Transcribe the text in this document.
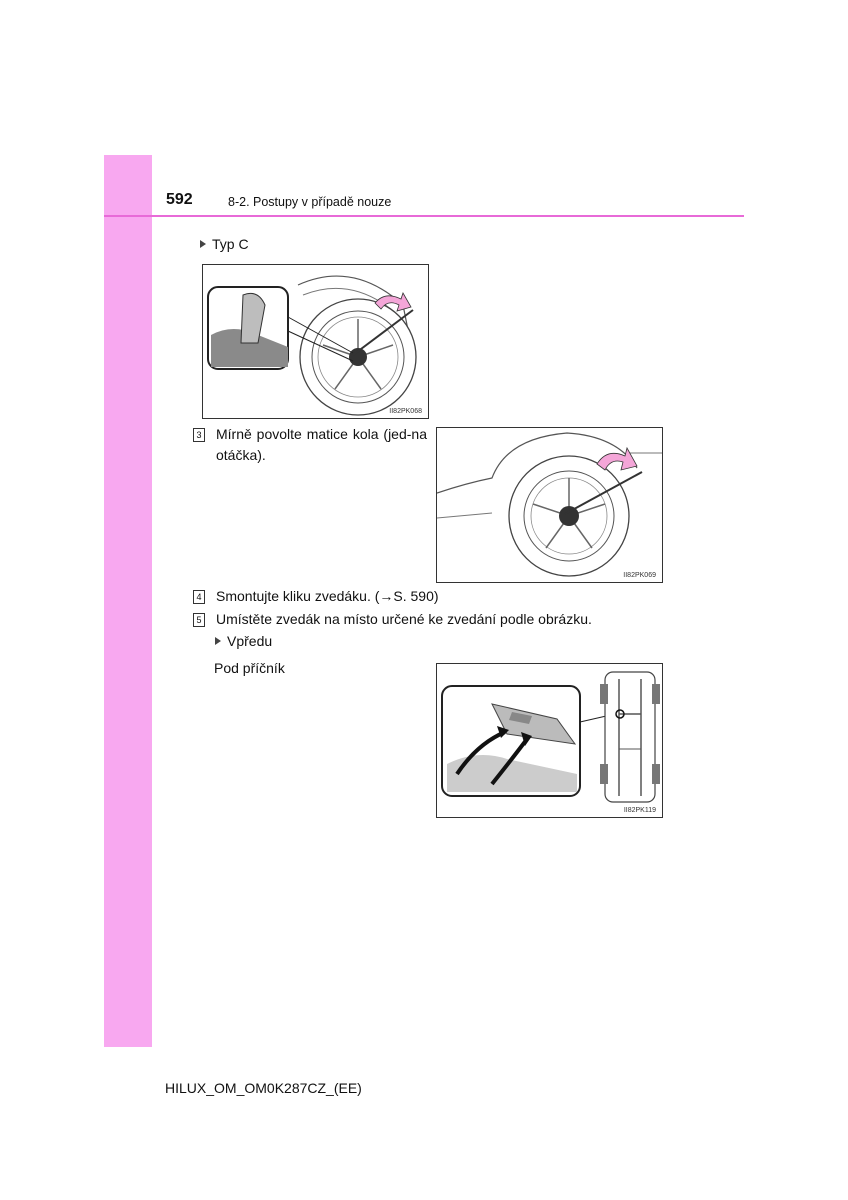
592	8-2. Postupy v případě nouze
Typ C
II82PK068
3 Mírně povolte matice kola (jed-na otáčka).
II82PK069
4 Smontujte kliku zvedáku. (→S. 590)
5 Umístěte zvedák na místo určené ke zvedání podle obrázku.
Vpředu
Pod příčník
II82PK119
HILUX_OM_OM0K287CZ_(EE)
